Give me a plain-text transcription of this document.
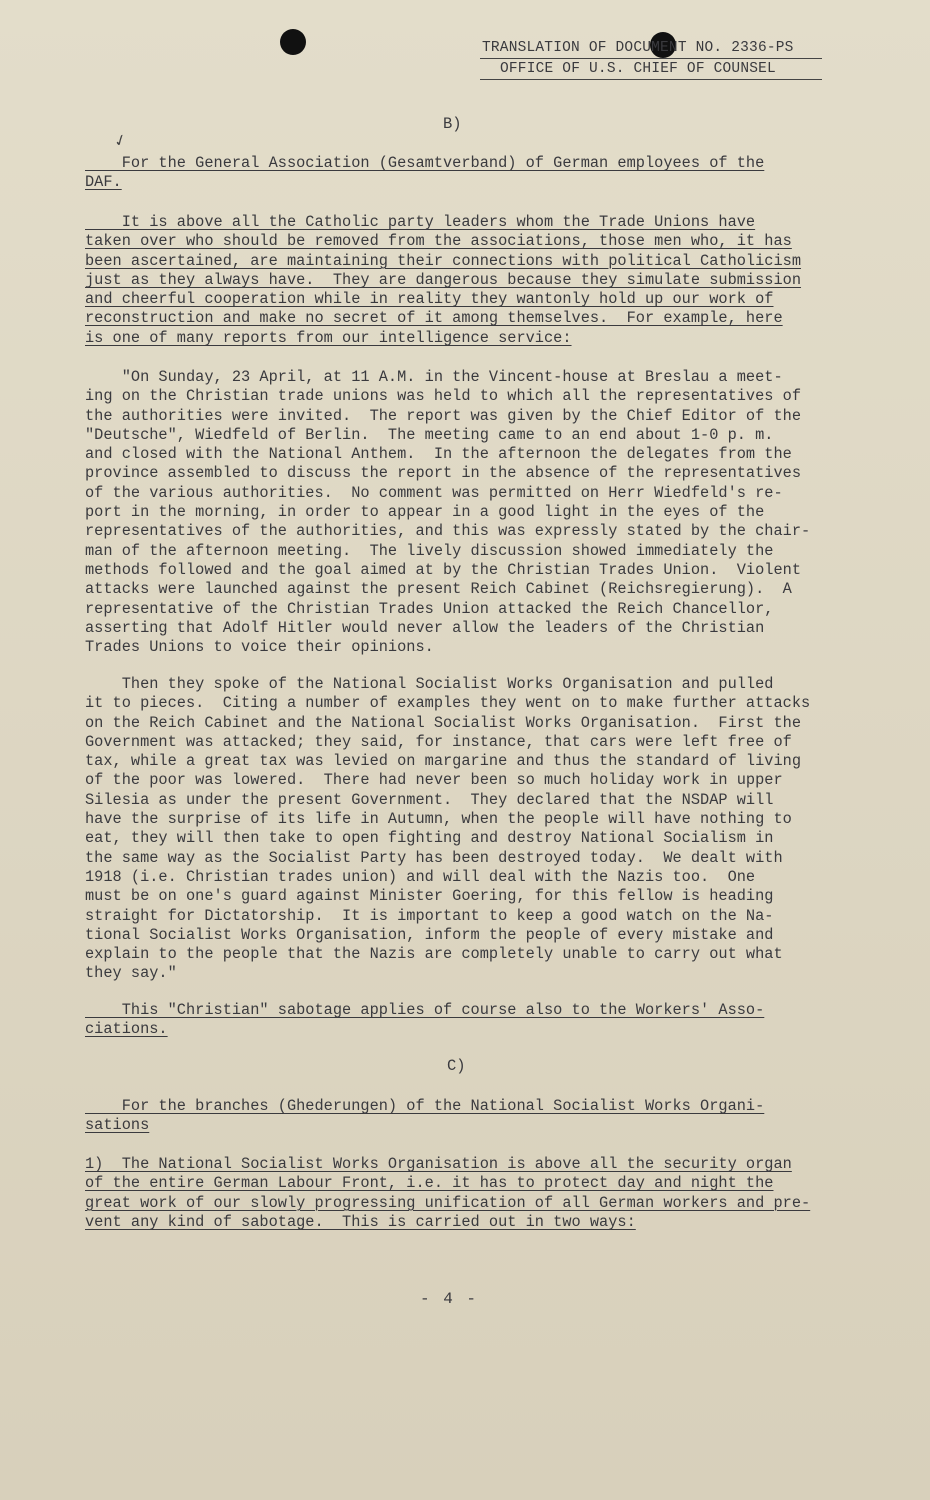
TRANSLATION OF DOCUMENT NO. 2336-PS
OFFICE OF U.S. CHIEF OF COUNSEL
✓
B)
For the General Association (Gesamtverband) of German employees of the
DAF.
It is above all the Catholic party leaders whom the Trade Unions have
taken over who should be removed from the associations, those men who, it has
been ascertained, are maintaining their connections with political Catholicism
just as they always have.  They are dangerous because they simulate submission
and cheerful cooperation while in reality they wantonly hold up our work of
reconstruction and make no secret of it among themselves.  For example, here
is one of many reports from our intelligence service:
"On Sunday, 23 April, at 11 A.M. in the Vincent-house at Breslau a meet-
ing on the Christian trade unions was held to which all the representatives of
the authorities were invited.  The report was given by the Chief Editor of the
"Deutsche", Wiedfeld of Berlin.  The meeting came to an end about 1-0 p. m.
and closed with the National Anthem.  In the afternoon the delegates from the
province assembled to discuss the report in the absence of the representatives
of the various authorities.  No comment was permitted on Herr Wiedfeld's re-
port in the morning, in order to appear in a good light in the eyes of the
representatives of the authorities, and this was expressly stated by the chair-
man of the afternoon meeting.  The lively discussion showed immediately the
methods followed and the goal aimed at by the Christian Trades Union.  Violent
attacks were launched against the present Reich Cabinet (Reichsregierung).  A
representative of the Christian Trades Union attacked the Reich Chancellor,
asserting that Adolf Hitler would never allow the leaders of the Christian
Trades Unions to voice their opinions.
Then they spoke of the National Socialist Works Organisation and pulled
it to pieces.  Citing a number of examples they went on to make further attacks
on the Reich Cabinet and the National Socialist Works Organisation.  First the
Government was attacked; they said, for instance, that cars were left free of
tax, while a great tax was levied on margarine and thus the standard of living
of the poor was lowered.  There had never been so much holiday work in upper
Silesia as under the present Government.  They declared that the NSDAP will
have the surprise of its life in Autumn, when the people will have nothing to
eat, they will then take to open fighting and destroy National Socialism in
the same way as the Socialist Party has been destroyed today.  We dealt with
1918 (i.e. Christian trades union) and will deal with the Nazis too.  One
must be on one's guard against Minister Goering, for this fellow is heading
straight for Dictatorship.  It is important to keep a good watch on the Na-
tional Socialist Works Organisation, inform the people of every mistake and
explain to the people that the Nazis are completely unable to carry out what
they say."
This "Christian" sabotage applies of course also to the Workers' Asso-
ciations.
C)
For the branches (Ghederungen) of the National Socialist Works Organi-
sations
1)  The National Socialist Works Organisation is above all the security organ
of the entire German Labour Front, i.e. it has to protect day and night the
great work of our slowly progressing unification of all German workers and pre-
vent any kind of sabotage.  This is carried out in two ways:
- 4 -
